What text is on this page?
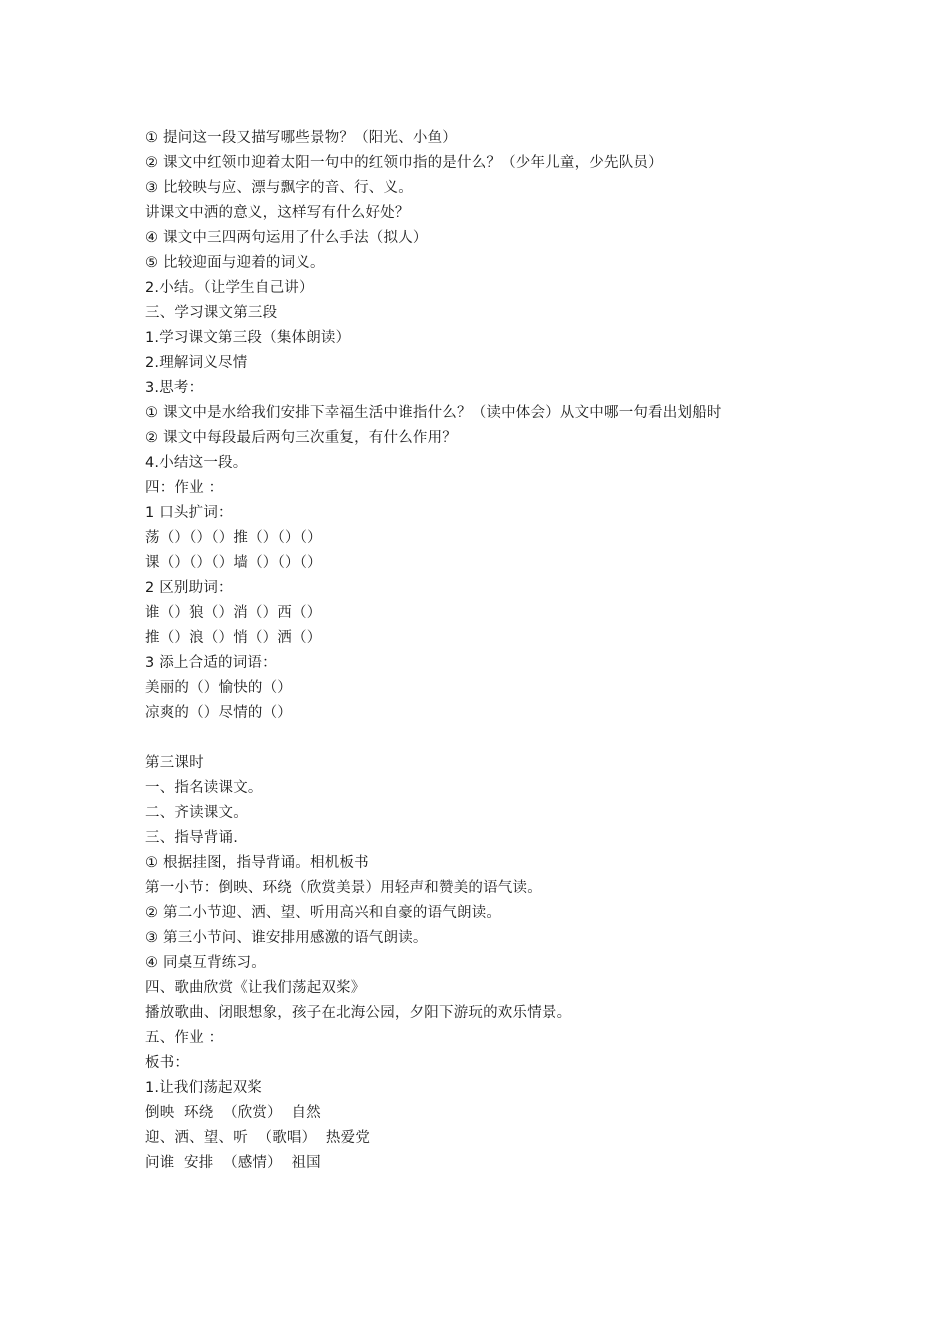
① 提问这一段又描写哪些景物？（阳光、小鱼）
② 课文中红领巾迎着太阳一句中的红领巾指的是什么？（少年儿童，少先队员）
③ 比较映与应、漂与飘字的音、行、义。
讲课文中洒的意义，这样写有什么好处？
④ 课文中三四两句运用了什么手法（拟人）
⑤ 比较迎面与迎着的词义。
2.小结。（让学生自己讲）
三、学习课文第三段
1.学习课文第三段（集体朗读）
2.理解词义尽情
3.思考：
① 课文中是水给我们安排下幸福生活中谁指什么？（读中体会）从文中哪一句看出划船时
② 课文中每段最后两句三次重复，有什么作用？
4.小结这一段。
四：作业 ：
1 口头扩词：
荡（）（）（）推（）（）（）
课（）（）（）墙（）（）（）
2 区别助词：
谁（）狼（）消（）西（）
推（）浪（）悄（）洒（）
3 添上合适的词语：
美丽的（）愉快的（）
凉爽的（）尽情的（）
第三课时
一、指名读课文。
二、齐读课文。
三、指导背诵.
① 根据挂图，指导背诵。相机板书
第一小节：倒映、环绕（欣赏美景）用轻声和赞美的语气读。
② 第二小节迎、洒、望、听用高兴和自豪的语气朗读。
③ 第三小节问、谁安排用感激的语气朗读。
④ 同桌互背练习。
四、歌曲欣赏《让我们荡起双桨》
播放歌曲、闭眼想象，孩子在北海公园，夕阳下游玩的欢乐情景。
五、作业 ：
板书：
1.让我们荡起双桨
倒映  环绕  （欣赏）  自然
迎、洒、望、听  （歌唱）  热爱党
问谁  安排  （感情）  祖国
